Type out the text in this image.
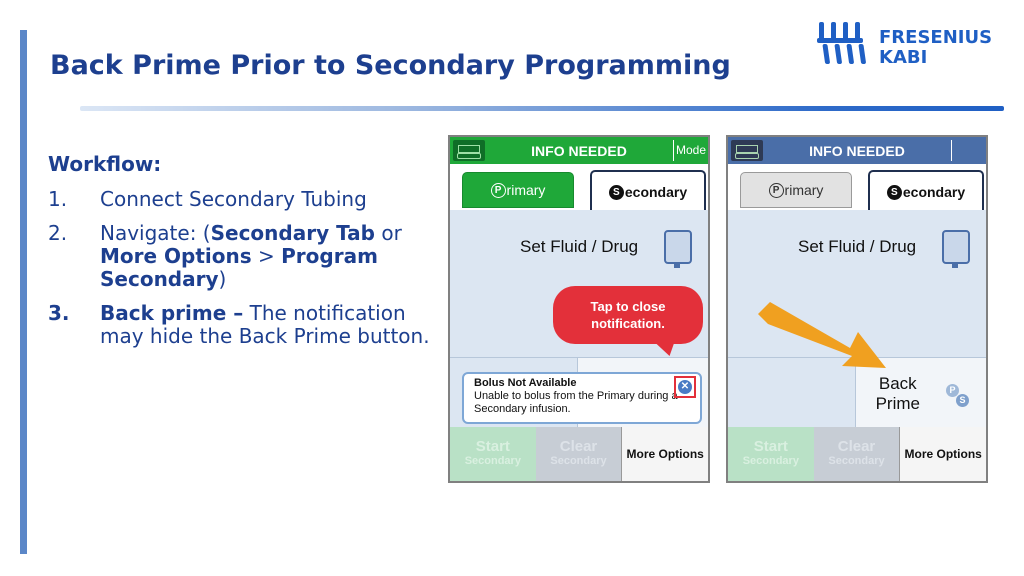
Back Prime Prior to Secondary Programming
FRESENIUS
KABI
Workflow:
1. Connect Secondary Tubing
2. Navigate: (Secondary Tab or More Options > Program Secondary)
3. Back prime – The notification may hide the Back Prime button.
INFO NEEDED	Mode
P rimary	S econdary
Set Fluid / Drug
Tap to close notification.
Bolus Not Available
Unable to bolus from the Primary during a Secondary infusion.
✕
Start
Secondary
Clear
Secondary	More Options
INFO NEEDED
P rimary	S econdary
Set Fluid / Drug
Back
Prime
P
S
Start
Secondary
Clear
Secondary	More Options
